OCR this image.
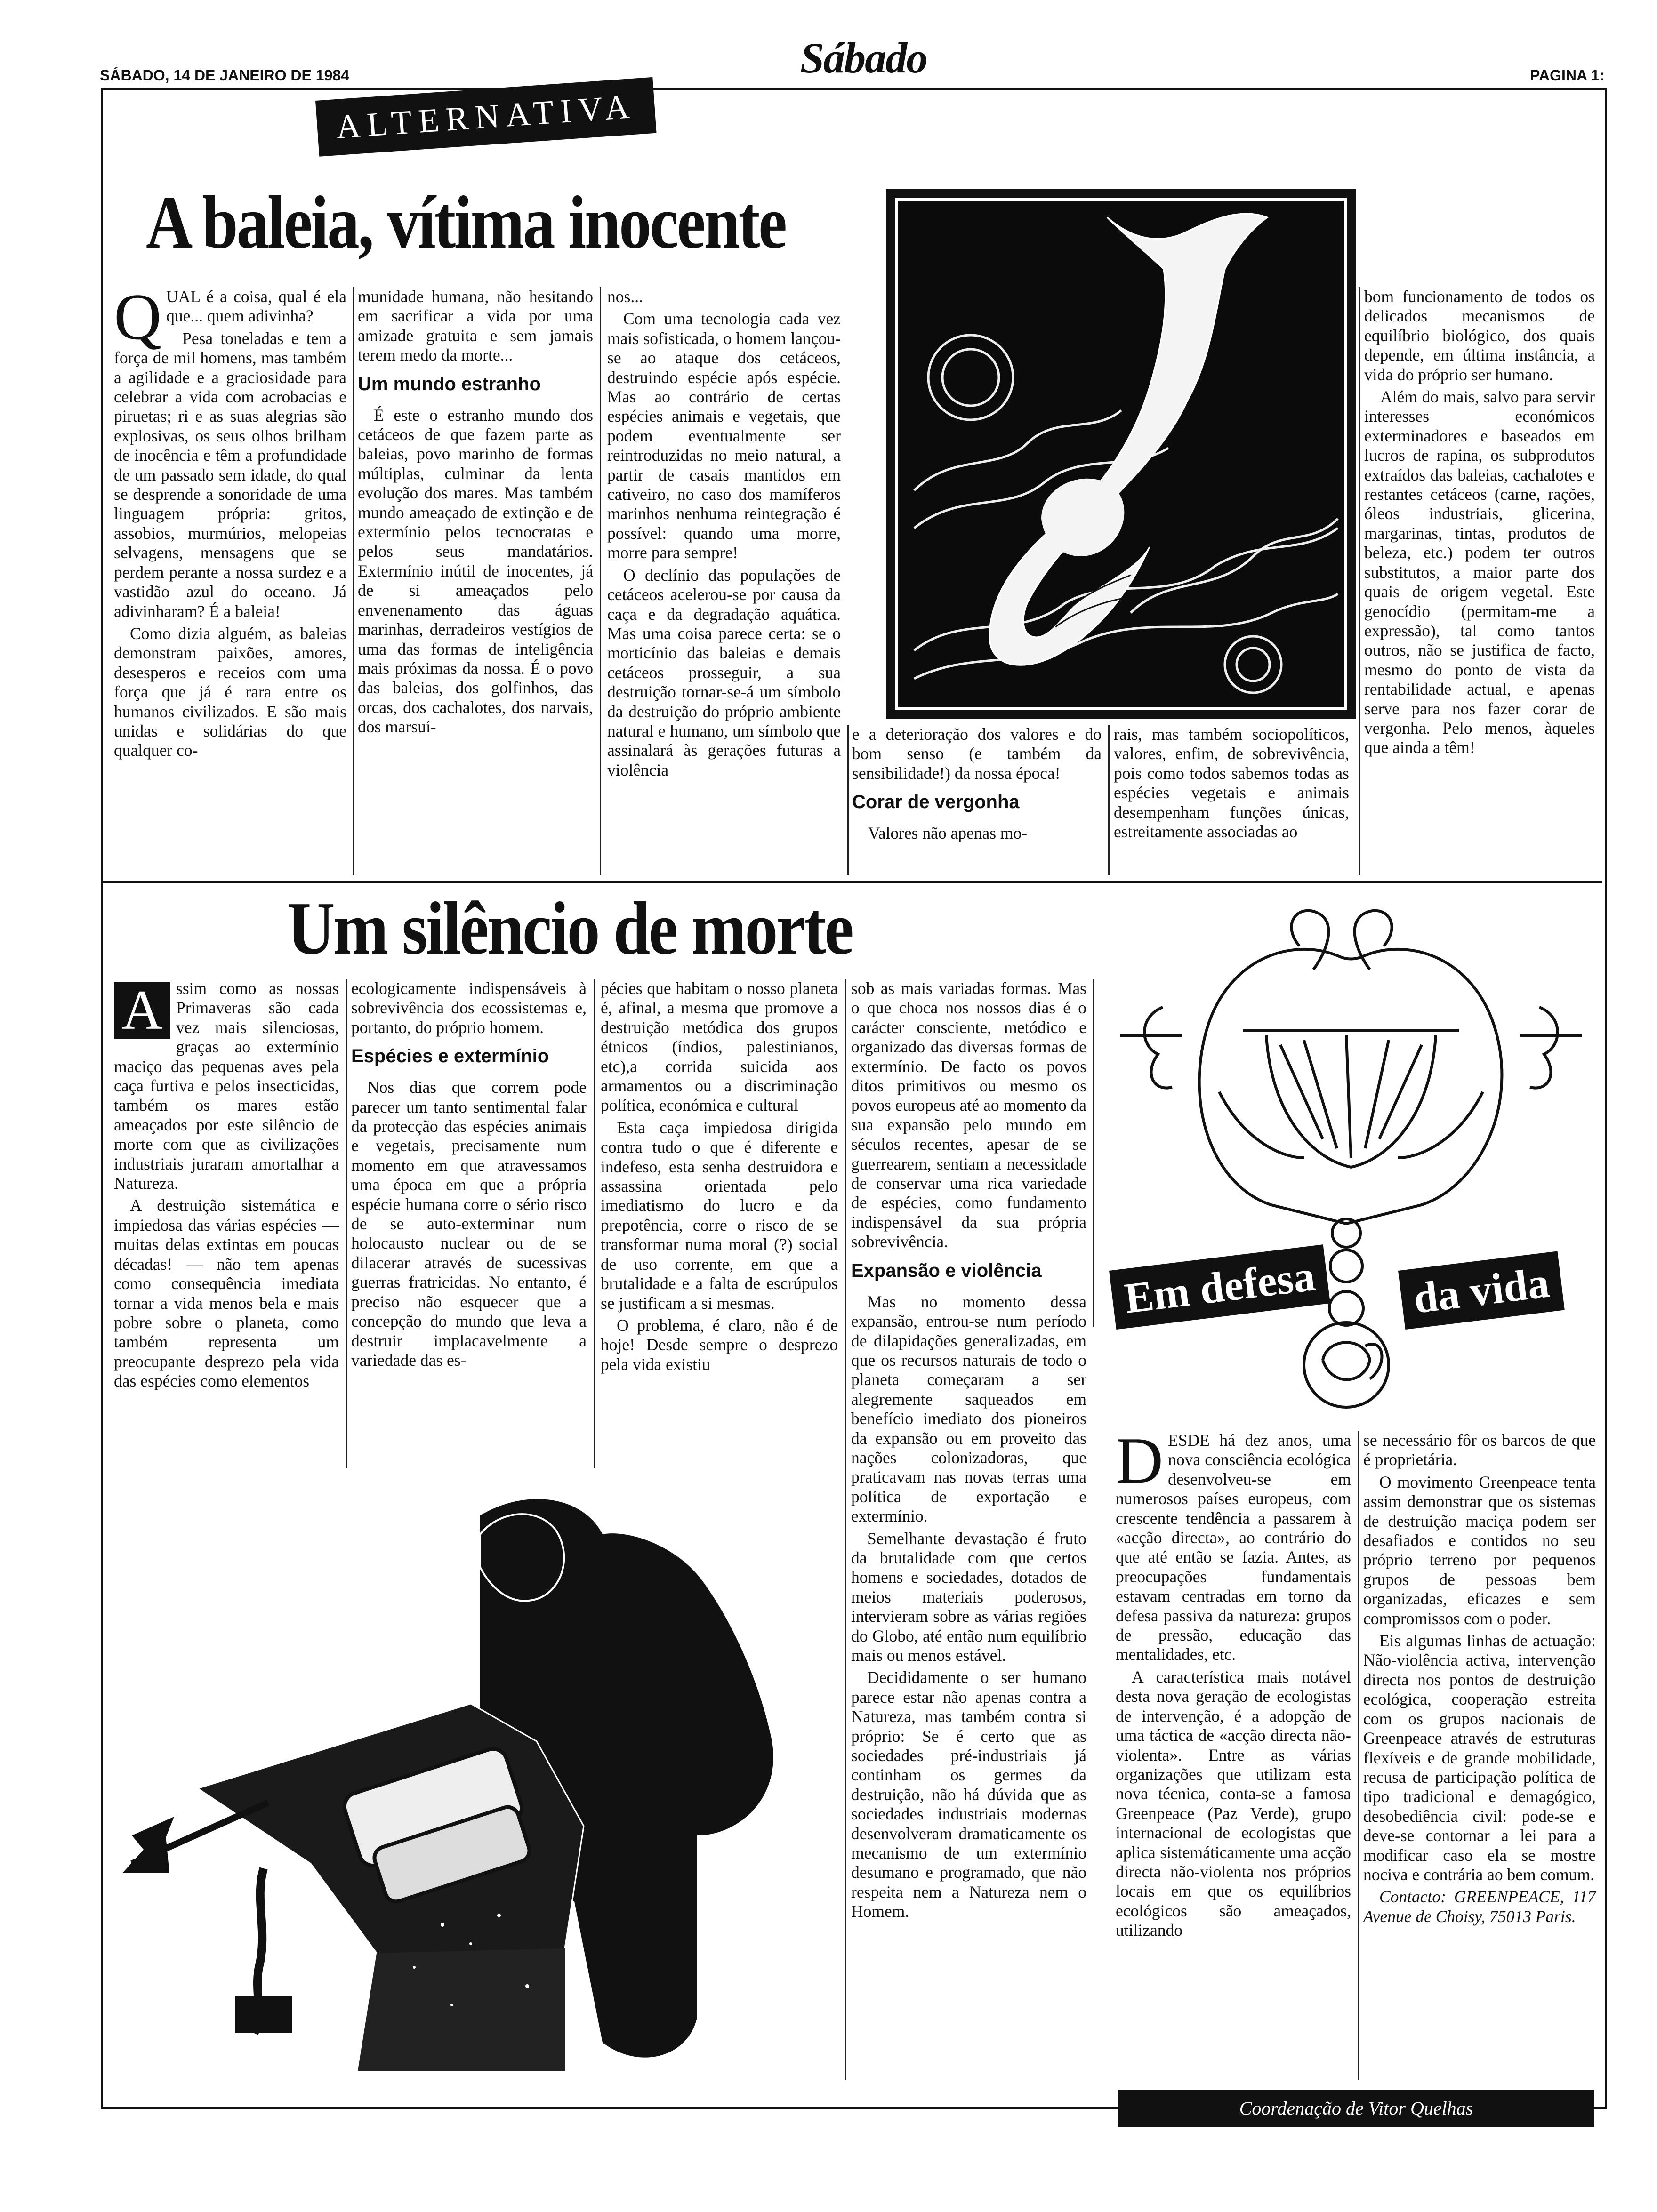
SÁBADO, 14 DE JANEIRO DE 1984	Sábado	PAGINA 1:
ALTERNATIVA
A baleia, vítima inocente

QUAL é a coisa, qual é ela que... quem adivinha?

Pesa toneladas e tem a força de mil homens, mas também a agilidade e a graciosidade para celebrar a vida com acrobacias e piruetas; ri e as suas alegrias são explosivas, os seus olhos brilham de inocência e têm a profundidade de um passado sem idade, do qual se desprende a sonoridade de uma linguagem própria: gritos, assobios, murmúrios, melopeias selvagens, mensagens que se perdem perante a nossa surdez e a vastidão azul do oceano. Já adivinharam? É a baleia!

Como dizia alguém, as baleias demonstram paixões, amores, desesperos e receios com uma força que já é rara entre os humanos civilizados. E são mais unidas e solidárias do que qualquer co-

munidade humana, não hesitando em sacrificar a vida por uma amizade gratuita e sem jamais terem medo da morte...

Um mundo estranho

É este o estranho mundo dos cetáceos de que fazem parte as baleias, povo marinho de formas múltiplas, culminar da lenta evolução dos mares. Mas também mundo ameaçado de extinção e de extermínio pelos tecnocratas e pelos seus mandatários. Extermínio inútil de inocentes, já de si ameaçados pelo envenenamento das águas marinhas, derradeiros vestígios de uma das formas de inteligência mais próximas da nossa. É o povo das baleias, dos golfinhos, das orcas, dos cachalotes, dos narvais, dos marsuí-

nos...

Com uma tecnologia cada vez mais sofisticada, o homem lançou-se ao ataque dos cetáceos, destruindo espécie após espécie. Mas ao contrário de certas espécies animais e vegetais, que podem eventualmente ser reintroduzidas no meio natural, a partir de casais mantidos em cativeiro, no caso dos mamíferos marinhos nenhuma reintegração é possível: quando uma morre, morre para sempre!

O declínio das populações de cetáceos acelerou-se por causa da caça e da degradação aquática. Mas uma coisa parece certa: se o morticínio das baleias e demais cetáceos prosseguir, a sua destruição tornar-se-á um símbolo da destruição do próprio ambiente natural e humano, um símbolo que assinalará às gerações futuras a violência

e a deterioração dos valores e do bom senso (e também da sensibilidade!) da nossa época!

Corar de vergonha

Valores não apenas mo-

rais, mas também sociopolíticos, valores, enfim, de sobrevivência, pois como todos sabemos todas as espécies vegetais e animais desempenham funções únicas, estreitamente associadas ao

bom funcionamento de todos os delicados mecanismos de equilíbrio biológico, dos quais depende, em última instância, a vida do próprio ser humano.

Além do mais, salvo para servir interesses económicos exterminadores e baseados em lucros de rapina, os subprodutos extraídos das baleias, cachalotes e restantes cetáceos (carne, rações, óleos industriais, glicerina, margarinas, tintas, produtos de beleza, etc.) podem ter outros substitutos, a maior parte dos quais de origem vegetal. Este genocídio (permitam-me a expressão), tal como tantos outros, não se justifica de facto, mesmo do ponto de vista da rentabilidade actual, e apenas serve para nos fazer corar de vergonha. Pelo menos, àqueles que ainda a têm!

Um silêncio de morte

A ssim como as nossas Primaveras são cada vez mais silenciosas, graças ao extermínio maciço das pequenas aves pela caça furtiva e pelos insecticidas, também os mares estão ameaçados por este silêncio de morte com que as civilizações industriais juraram amortalhar a Natureza.

A destruição sistemática e impiedosa das várias espécies — muitas delas extintas em poucas décadas! — não tem apenas como consequência imediata tornar a vida menos bela e mais pobre sobre o planeta, como também representa um preocupante desprezo pela vida das espécies como elementos

ecologicamente indispensáveis à sobrevivência dos ecossistemas e, portanto, do próprio homem.

Espécies e extermínio

Nos dias que correm pode parecer um tanto sentimental falar da protecção das espécies animais e vegetais, precisamente num momento em que atravessamos uma época em que a própria espécie humana corre o sério risco de se auto-exterminar num holocausto nuclear ou de se dilacerar através de sucessivas guerras fratricidas. No entanto, é preciso não esquecer que a concepção do mundo que leva a destruir implacavelmente a variedade das es-

pécies que habitam o nosso planeta é, afinal, a mesma que promove a destruição metódica dos grupos étnicos (índios, palestinianos, etc),a corrida suicida aos armamentos ou a discriminação política, económica e cultural

Esta caça impiedosa dirigida contra tudo o que é diferente e indefeso, esta senha destruidora e assassina orientada pelo imediatismo do lucro e da prepotência, corre o risco de se transformar numa moral (?) social de uso corrente, em que a brutalidade e a falta de escrúpulos se justificam a si mesmas.

O problema, é claro, não é de hoje! Desde sempre o desprezo pela vida existiu

sob as mais variadas formas. Mas o que choca nos nossos dias é o carácter consciente, metódico e organizado das diversas formas de extermínio. De facto os povos ditos primitivos ou mesmo os povos europeus até ao momento da sua expansão pelo mundo em séculos recentes, apesar de se guerrearem, sentiam a necessidade de conservar uma rica variedade de espécies, como fundamento indispensável da sua própria sobrevivência.

Expansão e violência

Mas no momento dessa expansão, entrou-se num período de dilapidações generalizadas, em que os recursos naturais de todo o planeta começaram a ser alegremente saqueados em benefício imediato dos pioneiros da expansão ou em proveito das nações colonizadoras, que praticavam nas novas terras uma política de exportação e extermínio.

Semelhante devastação é fruto da brutalidade com que certos homens e sociedades, dotados de meios materiais poderosos, intervieram sobre as várias regiões do Globo, até então num equilíbrio mais ou menos estável.

Decididamente o ser humano parece estar não apenas contra a Natureza, mas também contra si próprio: Se é certo que as sociedades pré-industriais já continham os germes da destruição, não há dúvida que as sociedades industriais modernas desenvolveram dramaticamente os mecanismo de um extermínio desumano e programado, que não respeita nem a Natureza nem o Homem.

Em defesa da vida

DESDE há dez anos, uma nova consciência ecológica desenvolveu-se em numerosos países europeus, com crescente tendência a passarem à «acção directa», ao contrário do que até então se fazia. Antes, as preocupações fundamentais estavam centradas em torno da defesa passiva da natureza: grupos de pressão, educação das mentalidades, etc.

A característica mais notável desta nova geração de ecologistas de intervenção, é a adopção de uma táctica de «acção directa não-violenta». Entre as várias organizações que utilizam esta nova técnica, conta-se a famosa Greenpeace (Paz Verde), grupo internacional de ecologistas que aplica sistemáticamente uma acção directa não-violenta nos próprios locais em que os equilíbrios ecológicos são ameaçados, utilizando

se necessário fôr os barcos de que é proprietária.

O movimento Greenpeace tenta assim demonstrar que os sistemas de destruição maciça podem ser desafiados e contidos no seu próprio terreno por pequenos grupos de pessoas bem organizadas, eficazes e sem compromissos com o poder.

Eis algumas linhas de actuação: Não-violência activa, intervenção directa nos pontos de destruição ecológica, cooperação estreita com os grupos nacionais de Greenpeace através de estruturas flexíveis e de grande mobilidade, recusa de participação política de tipo tradicional e demagógico, desobediência civil: pode-se e deve-se contornar a lei para a modificar caso ela se mostre nociva e contrária ao bem comum.

Contacto: GREENPEACE, 117 Avenue de Choisy, 75013 Paris.

Coordenação de Vitor Quelhas
